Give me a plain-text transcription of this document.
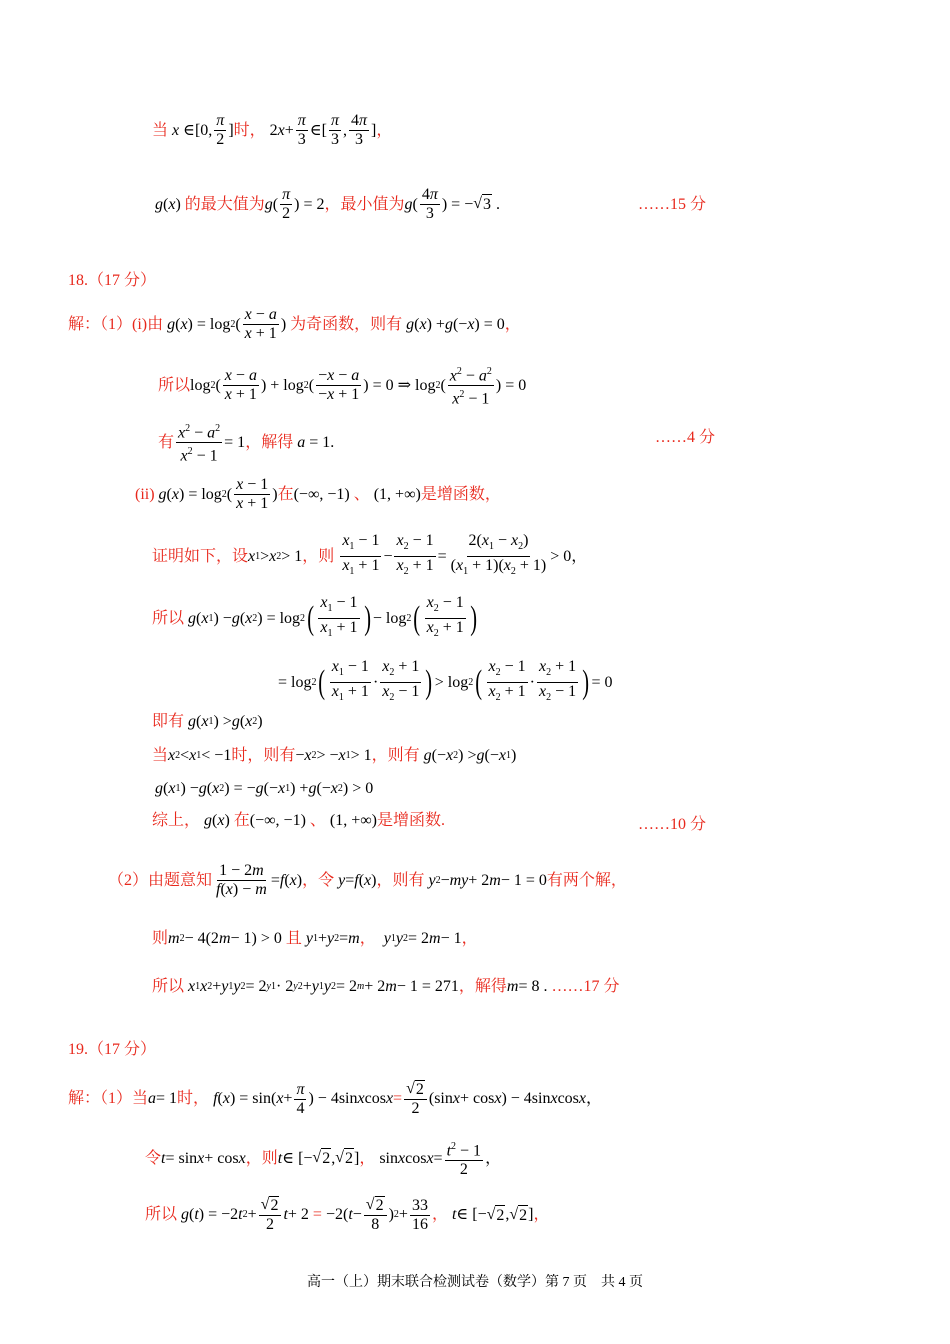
当 x ∈[0, $\frac{\pi}{2}$ ] 时， 2 $x + \frac{\pi}{3}$ ∈[ $\frac{\pi}{3}$ , $\frac{4\pi}{3}$ ] ，
g ( x ) 的最大值为 g ( $\frac{\pi}{2}$ ) = 2 ，最小值为 g ( $\frac{4\pi}{3}$ ) = − √ 3
.	……15 分
18.（17 分）
解：（1）(i)由 g ( x ) = log 2 ( $\frac{x - a}{x + 1}$ ) 为奇函数，则有
g ( x ) + g (− x ) = 0 ，
所以 log 2 ( $\frac{x - a}{x + 1}$ ) + log 2 ( $\frac{-x - a}{-x + 1}$ ) = 0 ⇒ log 2 ( $\frac{x^2 - a^2}{x^2 - 1}$ ) = 0
有 $\frac{x^2 - a^2}{x^2 - 1} = 1$ ，解得 a = 1 .	……4 分
(ii) g ( x ) = log 2 ( $\frac{x - 1}{x + 1}$ ) 在 (−∞, −1) 、 (1, +∞) 是增函数，
证明如下，设 x 1 > x 2 > 1 ，则
$\frac{x_1 - 1}{x_1 + 1} - \frac{x_2 - 1}{x_2 + 1} = \frac{2(x_1 - x_2)}{(x_1 + 1)(x_2 + 1)} > 0$ ，
所以 g ( x 1 ) − g ( x 2 ) = log 2 ( $\frac{x_1 - 1}{x_1 + 1}$ ) − log 2 ( $\frac{x_2 - 1}{x_2 + 1}$ )
= log 2 ( $\frac{x_1 - 1}{x_1 + 1} \cdot \frac{x_2 + 1}{x_2 - 1}$ ) > log 2 ( $\frac{x_2 - 1}{x_2 + 1} \cdot \frac{x_2 + 1}{x_2 - 1}$ ) = 0
即有 g ( x 1 ) > g ( x 2 )
当 x 2 < x 1 < −1 时，则有 − x 2 > − x 1 > 1 ，则有
g (− x 2 ) > g (− x 1 )
g ( x 1 ) − g ( x 2 ) = − g (− x 1 ) + g (− x 2 ) > 0
综上，
g ( x ) 在 (−∞, −1) 、 (1, +∞) 是增函数.	……10 分
（2）由题意知 $\frac{1 - 2m}{f(x) - m} = f$ ( x ) ，令
y = f ( x ) ，则有
y 2 − my + 2 m − 1 = 0 有两个解，
则 m 2 − 4(2 m − 1) > 0 且
y 1 + y 2 = m ，
y 1 y 2 = 2 m − 1 ，
所以
x 1 x 2 + y 1 y 2 = 2 y1 · 2 y2 + y 1 y 2 = 2 m + 2 m − 1 = 271 ，解得 m = 8 .
……17 分
19.（17 分）
解：（1）当 a = 1 时，
f ( x ) = sin( $x + \frac{\pi}{4}$ ) − 4sin x $\cos x = \frac{√ 2}{2} (\sin$ x + cos x ) − 4sin x cos x ，
令 t = sin x + cos x ，则 t ∈ [− √ 2 , √ 2 ] ， sin x $\cos x = \frac{t^2 - 1}{2}$ ，
所以
g ( t ) = −2 t $2 + \frac{√ 2}{2}$ t + 2 = −2( $t - \frac{√ 2}{8}$ ) $2 + \frac{33}{16}$ ，
t ∈ [− √ 2 , √ 2 ] ，
高一（上）期末联合检测试卷（数学）第 7 页　共 4 页
